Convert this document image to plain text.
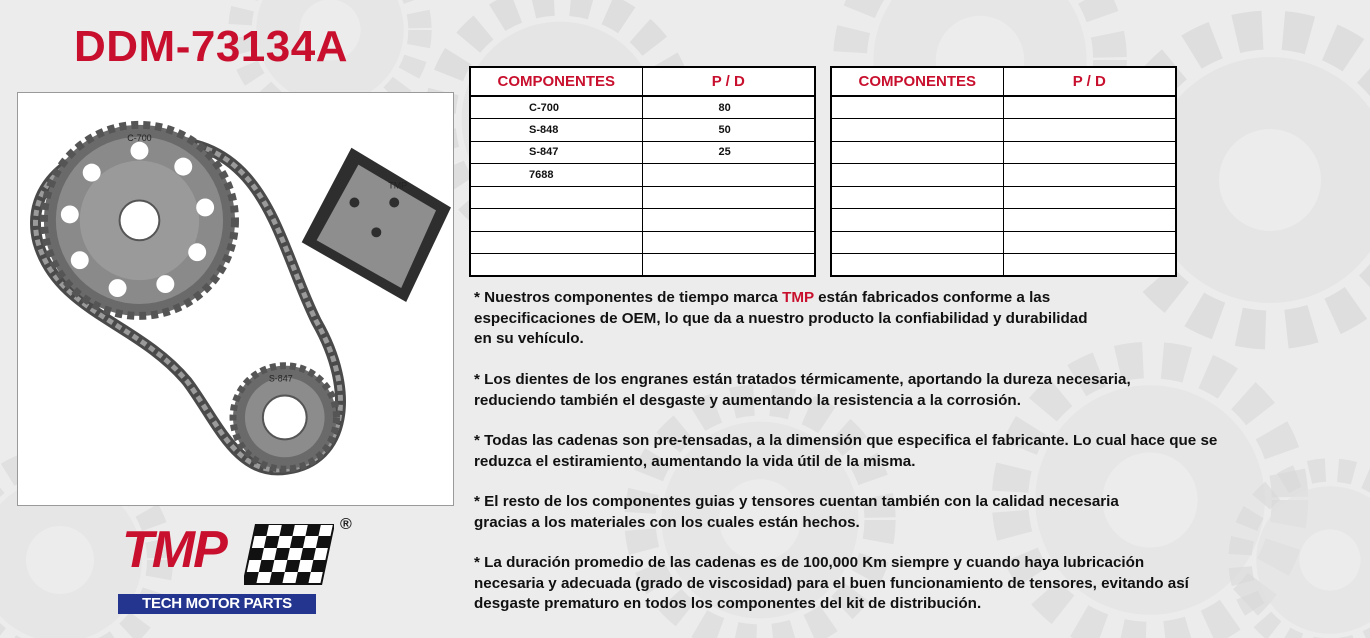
DDM-73134A
C-700
S-847
TMP

TMP	®

TECH MOTOR PARTS

COMPONENTES	P / D
C-700	80
S-848	50
S-847	25
7688	

COMPONENTES	P / D

* Nuestros componentes de tiempo marca TMP están fabricados conforme a las

especificaciones de OEM, lo que da a nuestro producto la confiabilidad y durabilidad

en su vehículo.

* Los dientes de los engranes están tratados térmicamente, aportando la dureza necesaria,

reduciendo también el desgaste y aumentando la resistencia a la corrosión.

* Todas las cadenas son pre-tensadas, a la dimensión que especifica el fabricante. Lo cual hace que se

reduzca el estiramiento, aumentando la vida útil de la misma.

* El resto de los componentes guias y tensores cuentan también con la calidad necesaria

gracias a los materiales con los cuales están hechos.

* La duración promedio de las cadenas es de 100,000 Km siempre y cuando haya lubricación

necesaria y adecuada (grado de viscosidad) para el buen funcionamiento de tensores, evitando así

desgaste prematuro en todos los componentes del kit de distribución.
